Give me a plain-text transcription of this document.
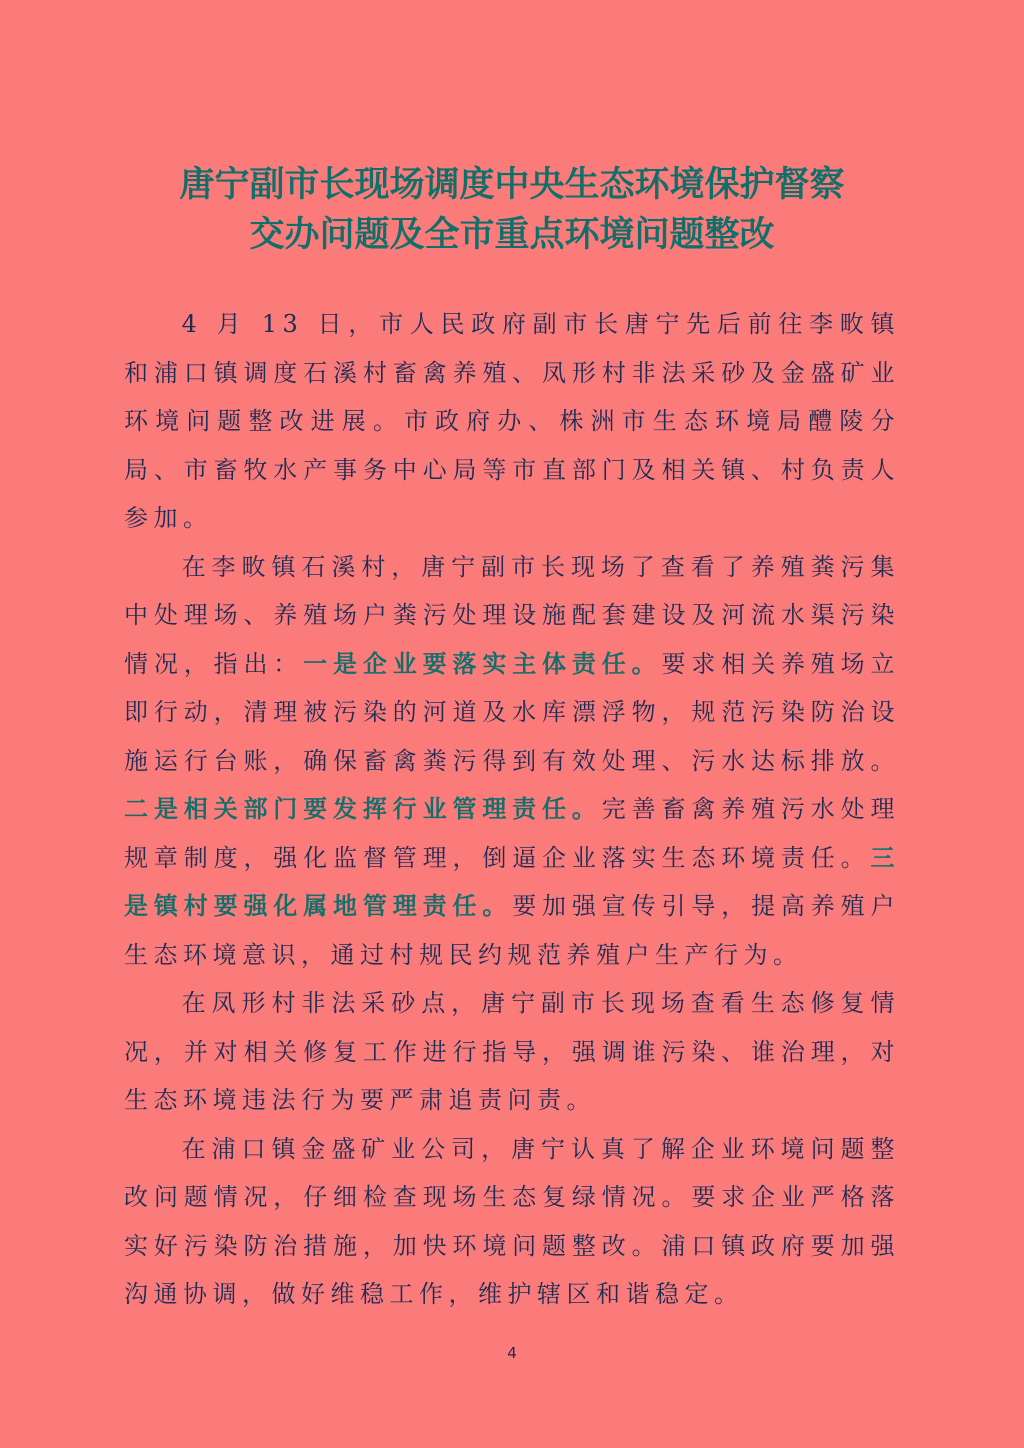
唐宁副市长现场调度中央生态环境保护督察
交办问题及全市重点环境问题整改

4 月 13 日，市人民政府副市长唐宁先后前往李畋镇和浦口镇调度石溪村畜禽养殖、凤形村非法采砂及金盛矿业环境问题整改进展。市政府办、株洲市生态环境局醴陵分局、市畜牧水产事务中心局等市直部门及相关镇、村负责人参加。

在李畋镇石溪村，唐宁副市长现场了查看了养殖粪污集中处理场、养殖场户粪污处理设施配套建设及河流水渠污染情况，指出：一是企业要落实主体责任。要求相关养殖场立即行动，清理被污染的河道及水库漂浮物，规范污染防治设施运行台账，确保畜禽粪污得到有效处理、污水达标排放。二是相关部门要发挥行业管理责任。完善畜禽养殖污水处理规章制度，强化监督管理，倒逼企业落实生态环境责任。三是镇村要强化属地管理责任。要加强宣传引导，提高养殖户生态环境意识，通过村规民约规范养殖户生产行为。

在凤形村非法采砂点，唐宁副市长现场查看生态修复情况，并对相关修复工作进行指导，强调谁污染、谁治理，对生态环境违法行为要严肃追责问责。

在浦口镇金盛矿业公司，唐宁认真了解企业环境问题整改问题情况，仔细检查现场生态复绿情况。要求企业严格落实好污染防治措施，加快环境问题整改。浦口镇政府要加强沟通协调，做好维稳工作，维护辖区和谐稳定。

4
